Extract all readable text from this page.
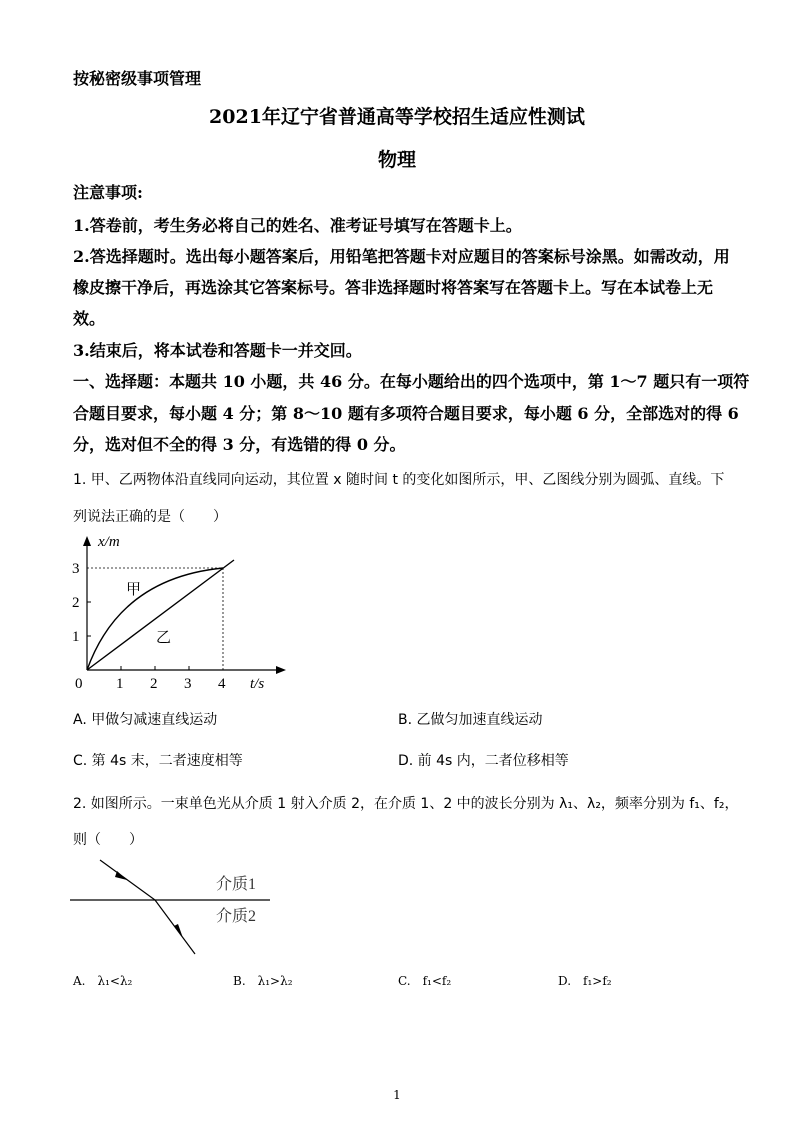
按秘密级事项管理
2021年辽宁省普通高等学校招生适应性测试
物理
注意事项:
1.答卷前，考生务必将自己的姓名、准考证号填写在答题卡上。
2.答选择题时。选出每小题答案后，用铅笔把答题卡对应题目的答案标号涂黑。如需改动，用
橡皮擦干净后，再选涂其它答案标号。答非选择题时将答案写在答题卡上。写在本试卷上无
效。
3.结束后，将本试卷和答题卡一并交回。
一、选择题：本题共 10 小题，共 46 分。在每小题给出的四个选项中，第 1～7 题只有一项符
合题目要求，每小题 4 分；第 8～10 题有多项符合题目要求，每小题 6 分，全部选对的得 6
分，选对但不全的得 3 分，有选错的得 0 分。
1. 甲、乙两物体沿直线同向运动，其位置 x 随时间 t 的变化如图所示，甲、乙图线分别为圆弧、直线。下
列说法正确的是（　　）
x/m
t/s
0 1 2 3 4
1
2
3
甲
乙
A. 甲做匀减速直线运动	B. 乙做匀加速直线运动
C. 第 4s 末，二者速度相等	D. 前 4s 内，二者位移相等
2. 如图所示。一束单色光从介质 1 射入介质 2，在介质 1、2 中的波长分别为 λ₁、λ₂，频率分别为 f₁、f₂，
则（　　）
介质1
介质2
A.　λ₁<λ₂	B.　λ₁>λ₂	C.　f₁<f₂	D.　f₁>f₂
1
